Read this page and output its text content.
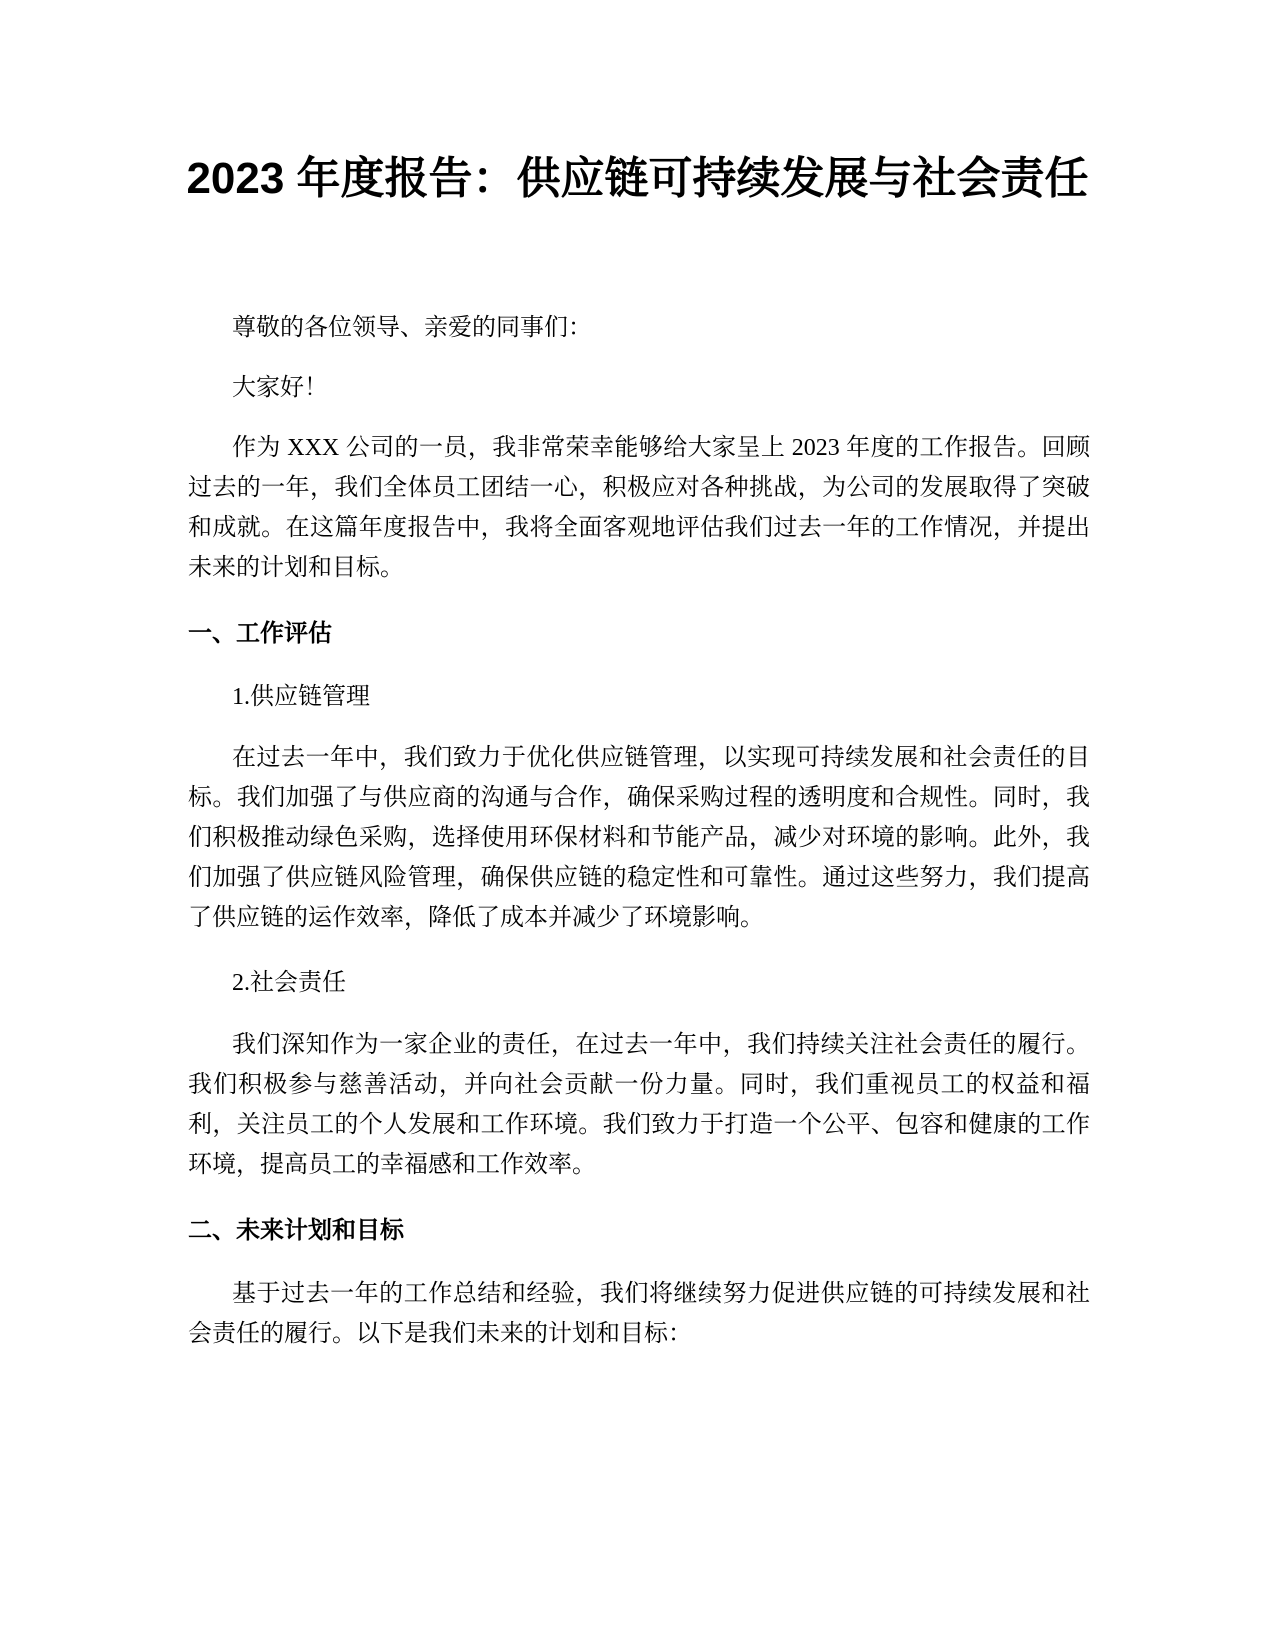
2023 年度报告：供应链可持续发展与社会责任

尊敬的各位领导、亲爱的同事们：

大家好！

作为 XXX 公司的一员，我非常荣幸能够给大家呈上 2023 年度的工作报告。回顾过去的一年，我们全体员工团结一心，积极应对各种挑战，为公司的发展取得了突破和成就。在这篇年度报告中，我将全面客观地评估我们过去一年的工作情况，并提出未来的计划和目标。

一、工作评估

1.供应链管理

在过去一年中，我们致力于优化供应链管理，以实现可持续发展和社会责任的目标。我们加强了与供应商的沟通与合作，确保采购过程的透明度和合规性。同时，我们积极推动绿色采购，选择使用环保材料和节能产品，减少对环境的影响。此外，我们加强了供应链风险管理，确保供应链的稳定性和可靠性。通过这些努力，我们提高了供应链的运作效率，降低了成本并减少了环境影响。

2.社会责任

我们深知作为一家企业的责任，在过去一年中，我们持续关注社会责任的履行。我们积极参与慈善活动，并向社会贡献一份力量。同时，我们重视员工的权益和福利，关注员工的个人发展和工作环境。我们致力于打造一个公平、包容和健康的工作环境，提高员工的幸福感和工作效率。

二、未来计划和目标

基于过去一年的工作总结和经验，我们将继续努力促进供应链的可持续发展和社会责任的履行。以下是我们未来的计划和目标：
